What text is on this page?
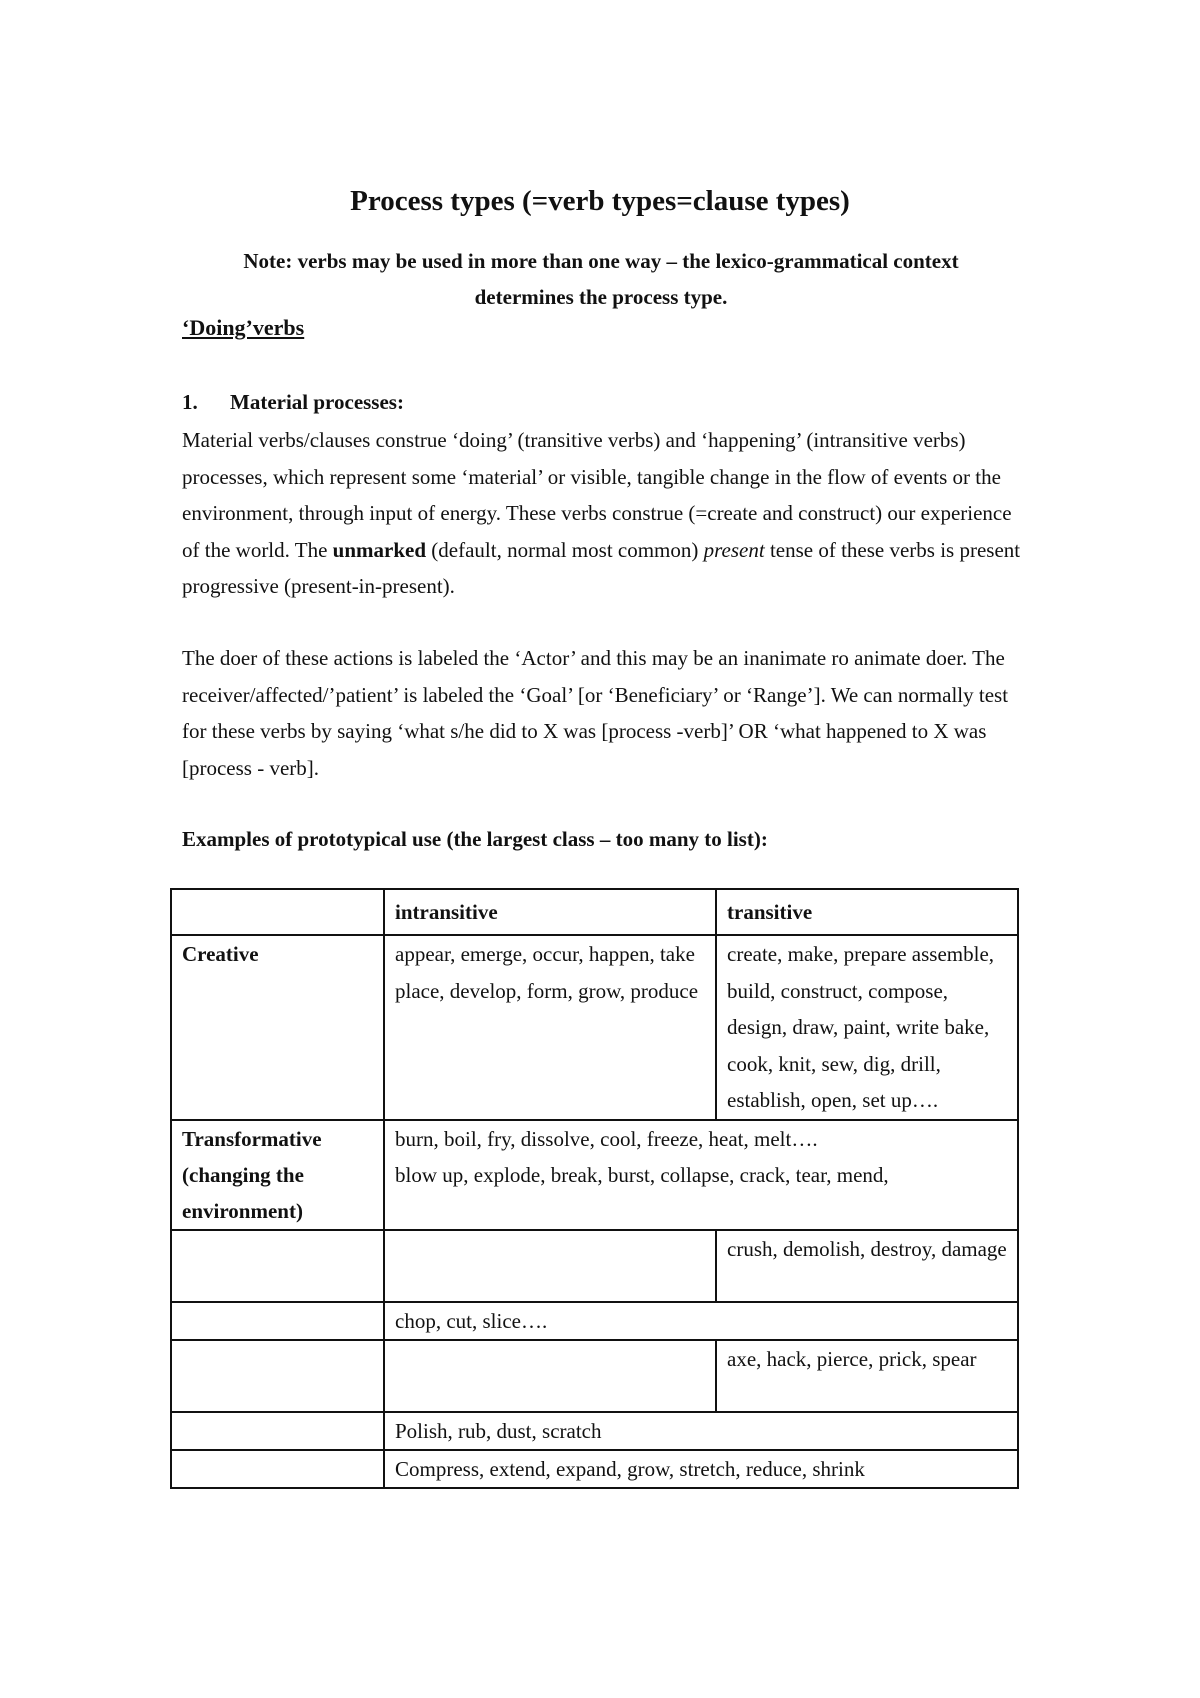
Process types (=verb types=clause types)

Note: verbs may be used in more than one way – the lexico-grammatical context
determines the process type.

‘Doing’verbs

1. Material processes:

Material verbs/clauses construe ‘doing’ (transitive verbs) and ‘happening’ (intransitive verbs) processes, which represent some ‘material’ or visible, tangible change in the flow of events or the environment, through input of energy. These verbs construe (=create and construct) our experience of the world. The unmarked (default, normal most common) present tense of these verbs is present progressive (present-in-present).

The doer of these actions is labeled the ‘Actor’ and this may be an inanimate ro animate doer. The receiver/affected/’patient’ is labeled the ‘Goal’ [or ‘Beneficiary’ or ‘Range’]. We can normally test for these verbs by saying ‘what s/he did to X was [process -verb]’ OR ‘what happened to X was [process - verb].

Examples of prototypical use (the largest class – too many to list):

	intransitive	transitive
Creative	appear, emerge, occur, happen, take place, develop, form, grow, produce	create, make, prepare assemble, build, construct, compose, design, draw, paint, write bake, cook, knit, sew, dig, drill, establish, open, set up….
Transformative (changing the environment)	burn, boil, fry, dissolve, cool, freeze, heat, melt….
blow up, explode, break, burst, collapse, crack, tear, mend,	

		crush, demolish, destroy, damage
	chop, cut, slice….	
		axe, hack, pierce, prick, spear
	Polish, rub, dust, scratch	
	Compress, extend, expand, grow, stretch, reduce, shrink	
